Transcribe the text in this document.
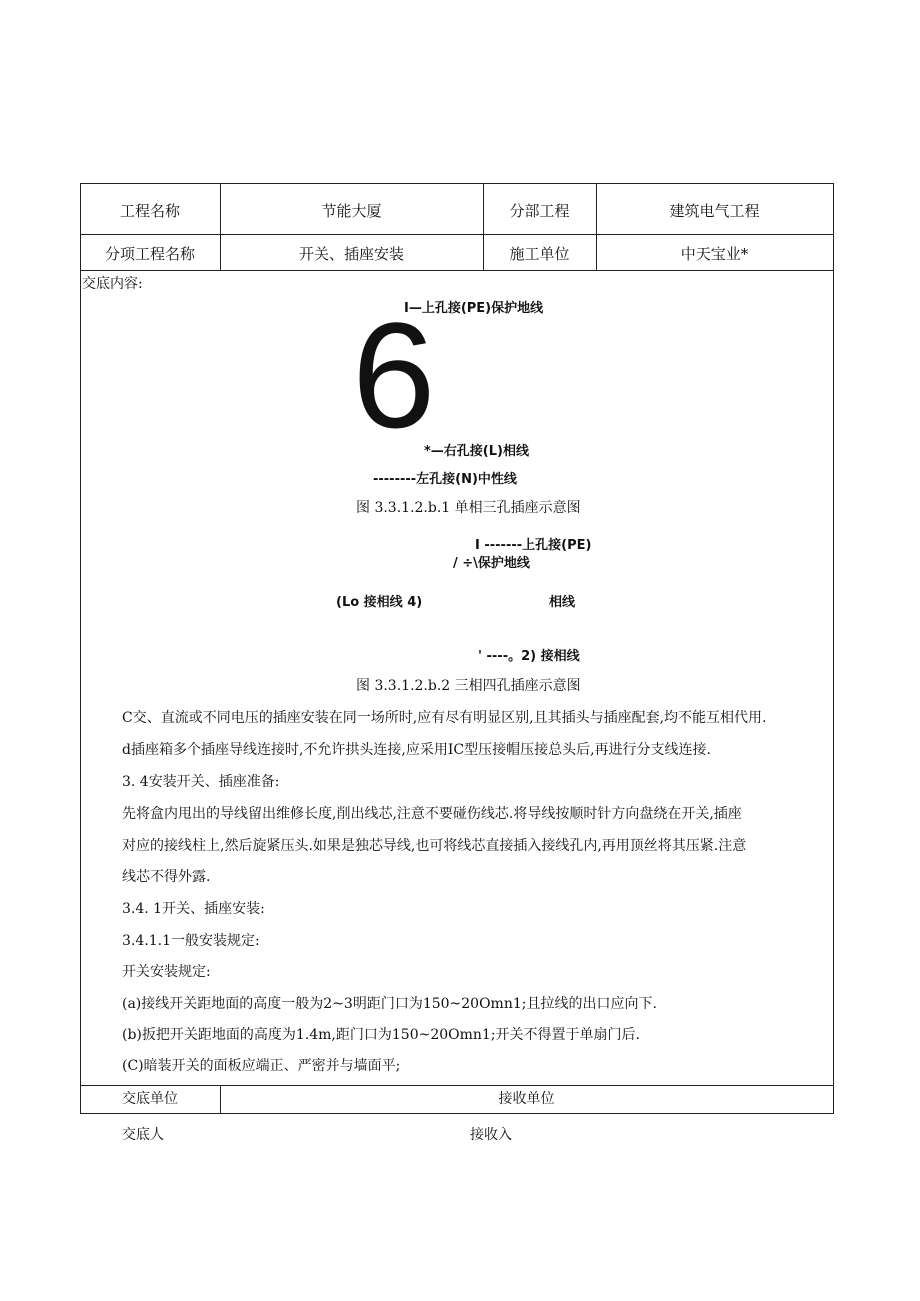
工程名称	节能大厦	分部工程	建筑电气工程
分项工程名称	开关、插座安装	施工单位	中天宝业*
交底内容:
I—上孔接(PE)保护地线
6
*—右孔接(L)相线
--------左孔接(N)中性线
图 3.3.1.2.b.1 单相三孔插座示意图
I -------上孔接(PE)
/ ÷\保护地线
(Lo 接相线 4)	相线
' ----。2) 接相线
图 3.3.1.2.b.2 三相四孔插座示意图
C交、直流或不同电压的插座安装在同一场所时,应有尽有明显区别,且其插头与插座配套,均不能互相代用.
d插座箱多个插座导线连接时,不允许拱头连接,应采用IC型压接帽压接总头后,再进行分支线连接.
3. 4安装开关、插座准备:
先将盒内甩出的导线留出维修长度,削出线芯,注意不要碰伤线芯.将导线按顺时针方向盘绕在开关,插座
对应的接线柱上,然后旋紧压头.如果是独芯导线,也可将线芯直接插入接线孔内,再用顶丝将其压紧.注意
线芯不得外露.
3.4. 1开关、插座安装:
3.4.1.1一般安装规定:
开关安装规定:
(a)接线开关距地面的高度一般为2~3明距门口为150~20Omn1;且拉线的出口应向下.
(b)扳把开关距地面的高度为1.4m,距门口为150~20Omn1;开关不得置于单扇门后.
(C)暗装开关的面板应端正、严密并与墙面平;
交底单位	接收单位
交底人	接收入
